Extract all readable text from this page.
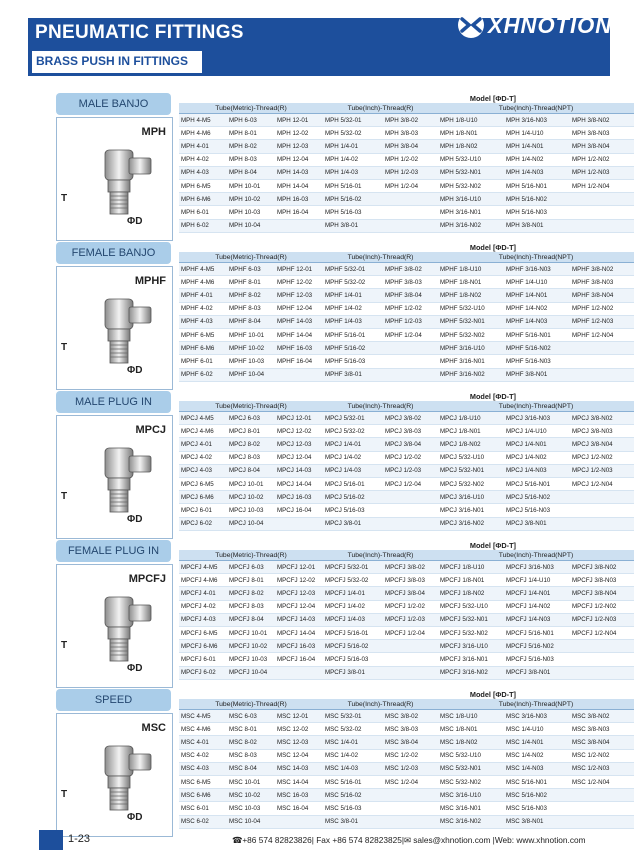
PNEUMATIC FITTINGS
BRASS PUSH IN FITTINGS
XHNOTION
MALE BANJO
MPH
ΦD
T
Model [ΦD-T]							
Tube(Metric)-Thread(R)			Tube(Inch)-Thread(R)		Tube(Inch)-Thread(NPT)		
MPH 4-M5	MPH 6-03	MPH 12-01	MPH 5/32-01	MPH 3/8-02	MPH 1/8-U10	MPH 3/16-N03	MPH 3/8-N02
MPH 4-M6	MPH 8-01	MPH 12-02	MPH 5/32-02	MPH 3/8-03	MPH 1/8-N01	MPH 1/4-U10	MPH 3/8-N03
MPH 4-01	MPH 8-02	MPH 12-03	MPH 1/4-01	MPH 3/8-04	MPH 1/8-N02	MPH 1/4-N01	MPH 3/8-N04
MPH 4-02	MPH 8-03	MPH 12-04	MPH 1/4-02	MPH 1/2-02	MPH 5/32-U10	MPH 1/4-N02	MPH 1/2-N02
MPH 4-03	MPH 8-04	MPH 14-03	MPH 1/4-03	MPH 1/2-03	MPH 5/32-N01	MPH 1/4-N03	MPH 1/2-N03
MPH 6-M5	MPH 10-01	MPH 14-04	MPH 5/16-01	MPH 1/2-04	MPH 5/32-N02	MPH 5/16-N01	MPH 1/2-N04
MPH 6-M6	MPH 10-02	MPH 16-03	MPH 5/16-02		MPH 3/16-U10	MPH 5/16-N02	
MPH 6-01	MPH 10-03	MPH 16-04	MPH 5/16-03		MPH 3/16-N01	MPH 5/16-N03	
MPH 6-02	MPH 10-04		MPH 3/8-01		MPH 3/16-N02	MPH 3/8-N01	
FEMALE BANJO
MPHF
ΦD
T
Model [ΦD-T]							
Tube(Metric)-Thread(R)			Tube(Inch)-Thread(R)		Tube(Inch)-Thread(NPT)		
MPHF 4-M5	MPHF 6-03	MPHF 12-01	MPHF 5/32-01	MPHF 3/8-02	MPHF 1/8-U10	MPHF 3/16-N03	MPHF 3/8-N02
MPHF 4-M6	MPHF 8-01	MPHF 12-02	MPHF 5/32-02	MPHF 3/8-03	MPHF 1/8-N01	MPHF 1/4-U10	MPHF 3/8-N03
MPHF 4-01	MPHF 8-02	MPHF 12-03	MPHF 1/4-01	MPHF 3/8-04	MPHF 1/8-N02	MPHF 1/4-N01	MPHF 3/8-N04
MPHF 4-02	MPHF 8-03	MPHF 12-04	MPHF 1/4-02	MPHF 1/2-02	MPHF 5/32-U10	MPHF 1/4-N02	MPHF 1/2-N02
MPHF 4-03	MPHF 8-04	MPHF 14-03	MPHF 1/4-03	MPHF 1/2-03	MPHF 5/32-N01	MPHF 1/4-N03	MPHF 1/2-N03
MPHF 6-M5	MPHF 10-01	MPHF 14-04	MPHF 5/16-01	MPHF 1/2-04	MPHF 5/32-N02	MPHF 5/16-N01	MPHF 1/2-N04
MPHF 6-M6	MPHF 10-02	MPHF 16-03	MPHF 5/16-02		MPHF 3/16-U10	MPHF 5/16-N02	
MPHF 6-01	MPHF 10-03	MPHF 16-04	MPHF 5/16-03		MPHF 3/16-N01	MPHF 5/16-N03	
MPHF 6-02	MPHF 10-04		MPHF 3/8-01		MPHF 3/16-N02	MPHF 3/8-N01	
MALE PLUG IN
MPCJ
ΦD
T
Model [ΦD-T]							
Tube(Metric)-Thread(R)			Tube(Inch)-Thread(R)		Tube(Inch)-Thread(NPT)		
MPCJ 4-M5	MPCJ 6-03	MPCJ 12-01	MPCJ 5/32-01	MPCJ 3/8-02	MPCJ 1/8-U10	MPCJ 3/16-N03	MPCJ 3/8-N02
MPCJ 4-M6	MPCJ 8-01	MPCJ 12-02	MPCJ 5/32-02	MPCJ 3/8-03	MPCJ 1/8-N01	MPCJ 1/4-U10	MPCJ 3/8-N03
MPCJ 4-01	MPCJ 8-02	MPCJ 12-03	MPCJ 1/4-01	MPCJ 3/8-04	MPCJ 1/8-N02	MPCJ 1/4-N01	MPCJ 3/8-N04
MPCJ 4-02	MPCJ 8-03	MPCJ 12-04	MPCJ 1/4-02	MPCJ 1/2-02	MPCJ 5/32-U10	MPCJ 1/4-N02	MPCJ 1/2-N02
MPCJ 4-03	MPCJ 8-04	MPCJ 14-03	MPCJ 1/4-03	MPCJ 1/2-03	MPCJ 5/32-N01	MPCJ 1/4-N03	MPCJ 1/2-N03
MPCJ 6-M5	MPCJ 10-01	MPCJ 14-04	MPCJ 5/16-01	MPCJ 1/2-04	MPCJ 5/32-N02	MPCJ 5/16-N01	MPCJ 1/2-N04
MPCJ 6-M6	MPCJ 10-02	MPCJ 16-03	MPCJ 5/16-02		MPCJ 3/16-U10	MPCJ 5/16-N02	
MPCJ 6-01	MPCJ 10-03	MPCJ 16-04	MPCJ 5/16-03		MPCJ 3/16-N01	MPCJ 5/16-N03	
MPCJ 6-02	MPCJ 10-04		MPCJ 3/8-01		MPCJ 3/16-N02	MPCJ 3/8-N01	
FEMALE PLUG IN
MPCFJ
ΦD
T
Model [ΦD-T]							
Tube(Metric)-Thread(R)			Tube(Inch)-Thread(R)		Tube(Inch)-Thread(NPT)		
MPCFJ 4-M5	MPCFJ 6-03	MPCFJ 12-01	MPCFJ 5/32-01	MPCFJ 3/8-02	MPCFJ 1/8-U10	MPCFJ 3/16-N03	MPCFJ 3/8-N02
MPCFJ 4-M6	MPCFJ 8-01	MPCFJ 12-02	MPCFJ 5/32-02	MPCFJ 3/8-03	MPCFJ 1/8-N01	MPCFJ 1/4-U10	MPCFJ 3/8-N03
MPCFJ 4-01	MPCFJ 8-02	MPCFJ 12-03	MPCFJ 1/4-01	MPCFJ 3/8-04	MPCFJ 1/8-N02	MPCFJ 1/4-N01	MPCFJ 3/8-N04
MPCFJ 4-02	MPCFJ 8-03	MPCFJ 12-04	MPCFJ 1/4-02	MPCFJ 1/2-02	MPCFJ 5/32-U10	MPCFJ 1/4-N02	MPCFJ 1/2-N02
MPCFJ 4-03	MPCFJ 8-04	MPCFJ 14-03	MPCFJ 1/4-03	MPCFJ 1/2-03	MPCFJ 5/32-N01	MPCFJ 1/4-N03	MPCFJ 1/2-N03
MPCFJ 6-M5	MPCFJ 10-01	MPCFJ 14-04	MPCFJ 5/16-01	MPCFJ 1/2-04	MPCFJ 5/32-N02	MPCFJ 5/16-N01	MPCFJ 1/2-N04
MPCFJ 6-M6	MPCFJ 10-02	MPCFJ 16-03	MPCFJ 5/16-02		MPCFJ 3/16-U10	MPCFJ 5/16-N02	
MPCFJ 6-01	MPCFJ 10-03	MPCFJ 16-04	MPCFJ 5/16-03		MPCFJ 3/16-N01	MPCFJ 5/16-N03	
MPCFJ 6-02	MPCFJ 10-04		MPCFJ 3/8-01		MPCFJ 3/16-N02	MPCFJ 3/8-N01	
SPEED
MSC
ΦD
T
Model [ΦD-T]							
Tube(Metric)-Thread(R)			Tube(Inch)-Thread(R)		Tube(Inch)-Thread(NPT)		
MSC 4-M5	MSC 6-03	MSC 12-01	MSC 5/32-01	MSC 3/8-02	MSC 1/8-U10	MSC 3/16-N03	MSC 3/8-N02
MSC 4-M6	MSC 8-01	MSC 12-02	MSC 5/32-02	MSC 3/8-03	MSC 1/8-N01	MSC 1/4-U10	MSC 3/8-N03
MSC 4-01	MSC 8-02	MSC 12-03	MSC 1/4-01	MSC 3/8-04	MSC 1/8-N02	MSC 1/4-N01	MSC 3/8-N04
MSC 4-02	MSC 8-03	MSC 12-04	MSC 1/4-02	MSC 1/2-02	MSC 5/32-U10	MSC 1/4-N02	MSC 1/2-N02
MSC 4-03	MSC 8-04	MSC 14-03	MSC 1/4-03	MSC 1/2-03	MSC 5/32-N01	MSC 1/4-N03	MSC 1/2-N03
MSC 6-M5	MSC 10-01	MSC 14-04	MSC 5/16-01	MSC 1/2-04	MSC 5/32-N02	MSC 5/16-N01	MSC 1/2-N04
MSC 6-M6	MSC 10-02	MSC 16-03	MSC 5/16-02		MSC 3/16-U10	MSC 5/16-N02	
MSC 6-01	MSC 10-03	MSC 16-04	MSC 5/16-03		MSC 3/16-N01	MSC 5/16-N03	
MSC 6-02	MSC 10-04		MSC 3/8-01		MSC 3/16-N02	MSC 3/8-N01	
1-23	☎+86 574 82823826| Fax +86 574 82823825|✉ sales@xhnotion.com |Web: www.xhnotion.com
